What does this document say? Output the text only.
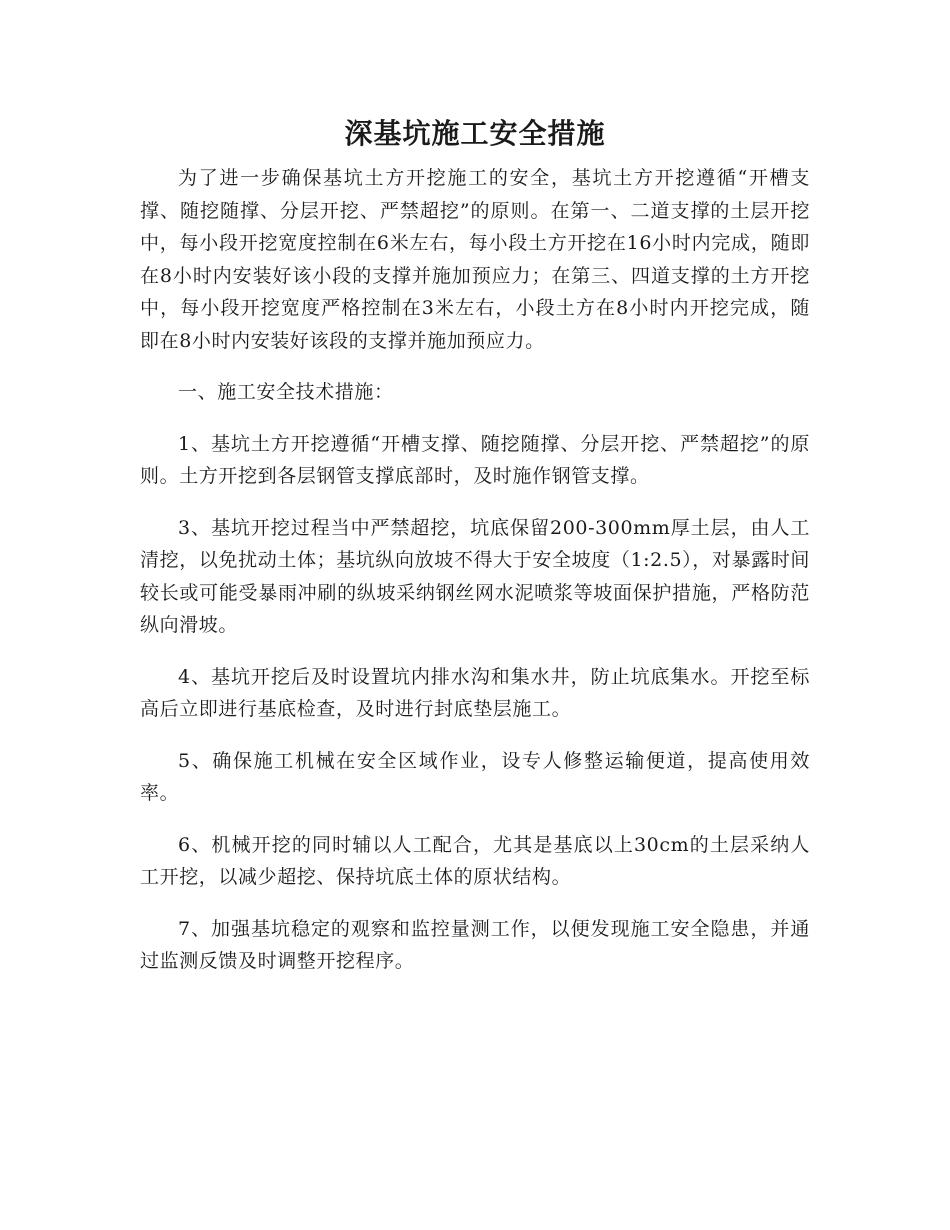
深基坑施工安全措施

为了进一步确保基坑土方开挖施工的安全，基坑土方开挖遵循“开槽支撑、随挖随撑、分层开挖、严禁超挖”的原则。在第一、二道支撑的土层开挖中，每小段开挖宽度控制在6米左右，每小段土方开挖在16小时内完成，随即在8小时内安装好该小段的支撑并施加预应力；在第三、四道支撑的土方开挖中，每小段开挖宽度严格控制在3米左右，小段土方在8小时内开挖完成，随即在8小时内安装好该段的支撑并施加预应力。

一、施工安全技术措施：

1、基坑土方开挖遵循“开槽支撑、随挖随撑、分层开挖、严禁超挖”的原则。土方开挖到各层钢管支撑底部时，及时施作钢管支撑。

3、基坑开挖过程当中严禁超挖，坑底保留200-300mm厚土层，由人工清挖，以免扰动土体；基坑纵向放坡不得大于安全坡度（1:2.5），对暴露时间较长或可能受暴雨冲刷的纵坡采纳钢丝网水泥喷浆等坡面保护措施，严格防范纵向滑坡。

4、基坑开挖后及时设置坑内排水沟和集水井，防止坑底集水。开挖至标高后立即进行基底检查，及时进行封底垫层施工。

5、确保施工机械在安全区域作业，设专人修整运输便道，提高使用效率。

6、机械开挖的同时辅以人工配合，尤其是基底以上30cm的土层采纳人工开挖，以减少超挖、保持坑底土体的原状结构。

7、加强基坑稳定的观察和监控量测工作，以便发现施工安全隐患，并通过监测反馈及时调整开挖程序。
